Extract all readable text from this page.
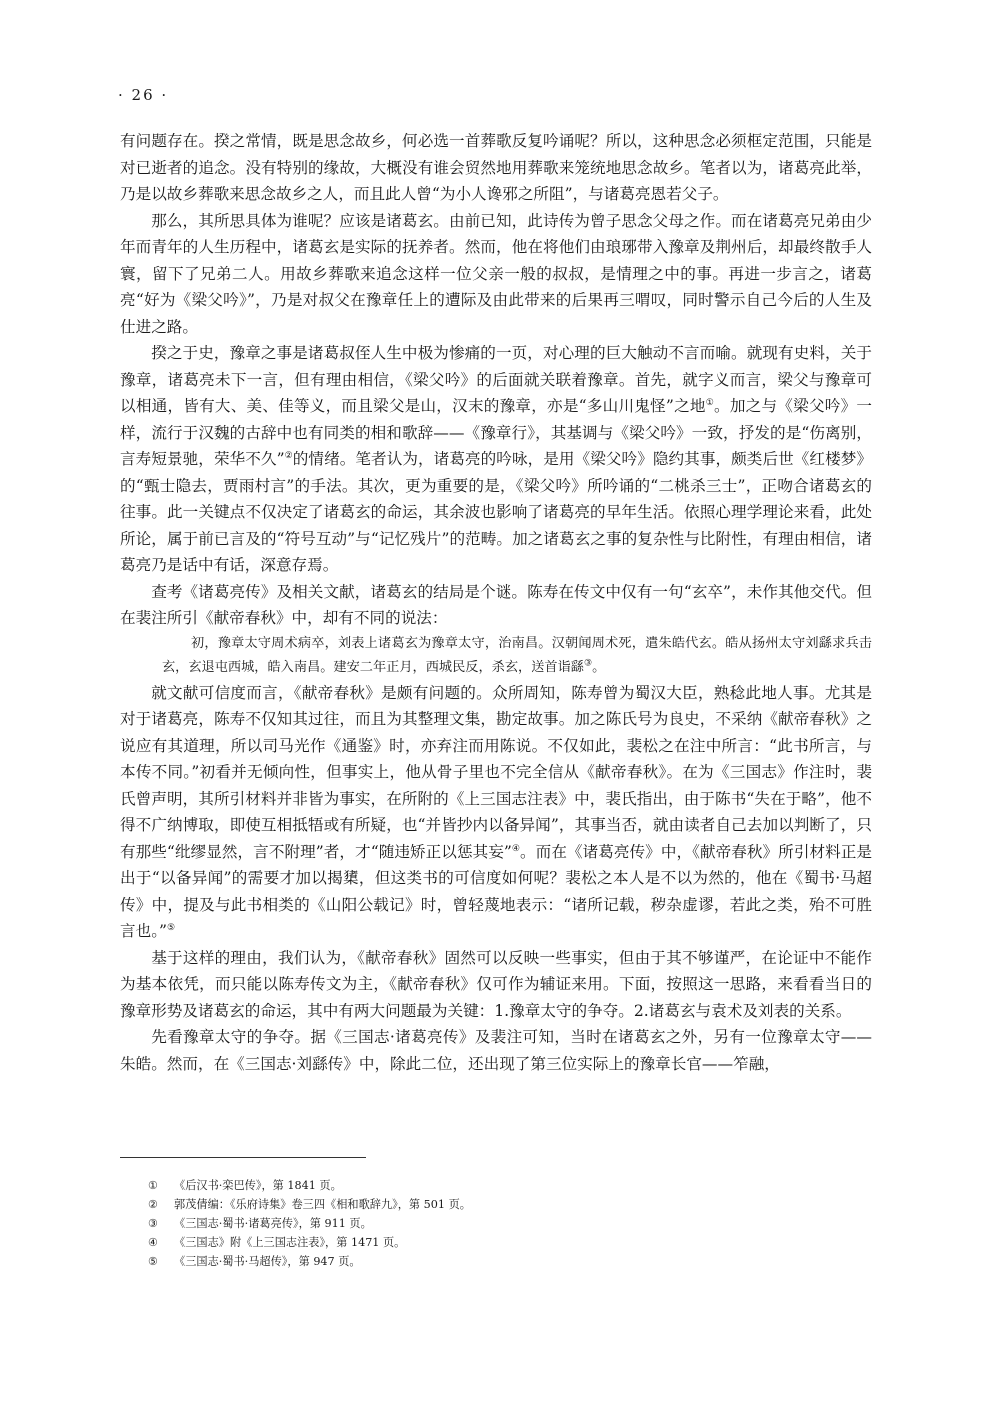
· 26 ·

有问题存在。揆之常情，既是思念故乡，何必选一首葬歌反复吟诵呢？所以，这种思念必须框定范围，只能是对已逝者的追念。没有特别的缘故，大概没有谁会贸然地用葬歌来笼统地思念故乡。笔者以为，诸葛亮此举，乃是以故乡葬歌来思念故乡之人，而且此人曾“为小人谗邪之所阻”，与诸葛亮恩若父子。

那么，其所思具体为谁呢？应该是诸葛玄。由前已知，此诗传为曾子思念父母之作。而在诸葛亮兄弟由少年而青年的人生历程中，诸葛玄是实际的抚养者。然而，他在将他们由琅琊带入豫章及荆州后，却最终散手人寰，留下了兄弟二人。用故乡葬歌来追念这样一位父亲一般的叔叔，是情理之中的事。再进一步言之，诸葛亮“好为《梁父吟》”，乃是对叔父在豫章任上的遭际及由此带来的后果再三喟叹，同时警示自己今后的人生及仕进之路。

揆之于史，豫章之事是诸葛叔侄人生中极为惨痛的一页，对心理的巨大触动不言而喻。就现有史料，关于豫章，诸葛亮未下一言，但有理由相信，《梁父吟》的后面就关联着豫章。首先，就字义而言，梁父与豫章可以相通，皆有大、美、佳等义，而且梁父是山，汉末的豫章，亦是“多山川鬼怪”之地①。加之与《梁父吟》一样，流行于汉魏的古辞中也有同类的相和歌辞——《豫章行》，其基调与《梁父吟》一致，抒发的是“伤离别，言寿短景驰，荣华不久”②的情绪。笔者认为，诸葛亮的吟咏，是用《梁父吟》隐约其事，颇类后世《红楼梦》的“甄士隐去，贾雨村言”的手法。其次，更为重要的是，《梁父吟》所吟诵的“二桃杀三士”，正吻合诸葛玄的往事。此一关键点不仅决定了诸葛玄的命运，其余波也影响了诸葛亮的早年生活。依照心理学理论来看，此处所论，属于前已言及的“符号互动”与“记忆残片”的范畴。加之诸葛玄之事的复杂性与比附性，有理由相信，诸葛亮乃是话中有话，深意存焉。

查考《诸葛亮传》及相关文献，诸葛玄的结局是个谜。陈寿在传文中仅有一句“玄卒”，未作其他交代。但在裴注所引《献帝春秋》中，却有不同的说法：

初，豫章太守周术病卒，刘表上诸葛玄为豫章太守，治南昌。汉朝闻周术死，遣朱皓代玄。皓从扬州太守刘繇求兵击玄，玄退屯西城，皓入南昌。建安二年正月，西城民反，杀玄，送首诣繇③。

就文献可信度而言，《献帝春秋》是颇有问题的。众所周知，陈寿曾为蜀汉大臣，熟稔此地人事。尤其是对于诸葛亮，陈寿不仅知其过往，而且为其整理文集，勘定故事。加之陈氏号为良史，不采纳《献帝春秋》之说应有其道理，所以司马光作《通鉴》时，亦弃注而用陈说。不仅如此，裴松之在注中所言：“此书所言，与本传不同。”初看并无倾向性，但事实上，他从骨子里也不完全信从《献帝春秋》。在为《三国志》作注时，裴氏曾声明，其所引材料并非皆为事实，在所附的《上三国志注表》中，裴氏指出，由于陈书“失在于略”，他不得不广纳博取，即使互相抵牾或有所疑，也“并皆抄内以备异闻”，其事当否，就由读者自己去加以判断了，只有那些“纰缪显然，言不附理”者，才“随违矫正以惩其妄”④。而在《诸葛亮传》中，《献帝春秋》所引材料正是出于“以备异闻”的需要才加以揭橥，但这类书的可信度如何呢？裴松之本人是不以为然的，他在《蜀书·马超传》中，提及与此书相类的《山阳公载记》时，曾轻蔑地表示：“诸所记载，秽杂虚谬，若此之类，殆不可胜言也。”⑤

基于这样的理由，我们认为，《献帝春秋》固然可以反映一些事实，但由于其不够谨严，在论证中不能作为基本依凭，而只能以陈寿传文为主，《献帝春秋》仅可作为辅证来用。下面，按照这一思路，来看看当日的豫章形势及诸葛玄的命运，其中有两大问题最为关键：1.豫章太守的争夺。2.诸葛玄与袁术及刘表的关系。

先看豫章太守的争夺。据《三国志·诸葛亮传》及裴注可知，当时在诸葛玄之外，另有一位豫章太守——朱皓。然而，在《三国志·刘繇传》中，除此二位，还出现了第三位实际上的豫章长官——笮融，

①	《后汉书·栾巴传》，第 1841 页。
②	郭茂倩编：《乐府诗集》卷三四《相和歌辞九》，第 501 页。
③	《三国志·蜀书·诸葛亮传》，第 911 页。
④	《三国志》附《上三国志注表》，第 1471 页。
⑤	《三国志·蜀书·马超传》，第 947 页。
